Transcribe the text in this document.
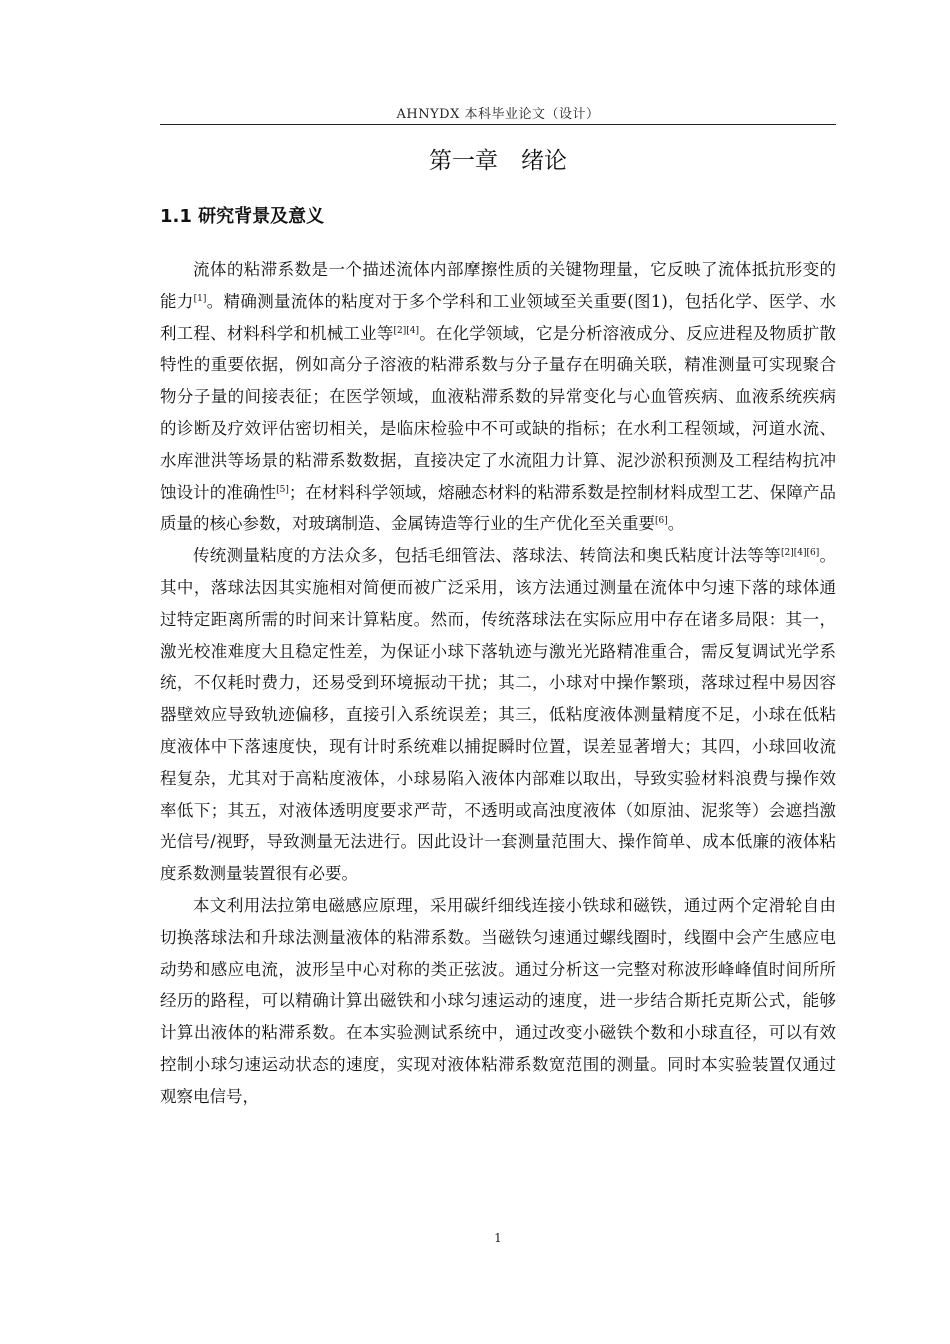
AHNYDX 本科毕业论文（设计）
第一章　绪论
1.1 研究背景及意义

流体的粘滞系数是一个描述流体内部摩擦性质的关键物理量，它反映了流体抵抗形变的能力[1]。精确测量流体的粘度对于多个学科和工业领域至关重要(图1)，包括化学、医学、水利工程、材料科学和机械工业等[2][4]。在化学领域，它是分析溶液成分、反应进程及物质扩散特性的重要依据，例如高分子溶液的粘滞系数与分子量存在明确关联，精准测量可实现聚合物分子量的间接表征；在医学领域，血液粘滞系数的异常变化与心血管疾病、血液系统疾病的诊断及疗效评估密切相关，是临床检验中不可或缺的指标；在水利工程领域，河道水流、水库泄洪等场景的粘滞系数数据，直接决定了水流阻力计算、泥沙淤积预测及工程结构抗冲蚀设计的准确性[5]；在材料科学领域，熔融态材料的粘滞系数是控制材料成型工艺、保障产品质量的核心参数，对玻璃制造、金属铸造等行业的生产优化至关重要[6]。

传统测量粘度的方法众多，包括毛细管法、落球法、转筒法和奥氏粘度计法等等[2][4][6]。其中，落球法因其实施相对简便而被广泛采用，该方法通过测量在流体中匀速下落的球体通过特定距离所需的时间来计算粘度。然而，传统落球法在实际应用中存在诸多局限：其一，激光校准难度大且稳定性差，为保证小球下落轨迹与激光光路精准重合，需反复调试光学系统，不仅耗时费力，还易受到环境振动干扰；其二，小球对中操作繁琐，落球过程中易因容器壁效应导致轨迹偏移，直接引入系统误差；其三，低粘度液体测量精度不足，小球在低粘度液体中下落速度快，现有计时系统难以捕捉瞬时位置，误差显著增大；其四，小球回收流程复杂，尤其对于高粘度液体，小球易陷入液体内部难以取出，导致实验材料浪费与操作效率低下；其五，对液体透明度要求严苛，不透明或高浊度液体（如原油、泥浆等）会遮挡激光信号/视野，导致测量无法进行。因此设计一套测量范围大、操作简单、成本低廉的液体粘度系数测量装置很有必要。

本文利用法拉第电磁感应原理，采用碳纤细线连接小铁球和磁铁，通过两个定滑轮自由切换落球法和升球法测量液体的粘滞系数。当磁铁匀速通过螺线圈时，线圈中会产生感应电动势和感应电流，波形呈中心对称的类正弦波。通过分析这一完整对称波形峰峰值时间所所经历的路程，可以精确计算出磁铁和小球匀速运动的速度，进一步结合斯托克斯公式，能够计算出液体的粘滞系数。在本实验测试系统中，通过改变小磁铁个数和小球直径，可以有效控制小球匀速运动状态的速度，实现对液体粘滞系数宽范围的测量。同时本实验装置仅通过观察电信号，

1
